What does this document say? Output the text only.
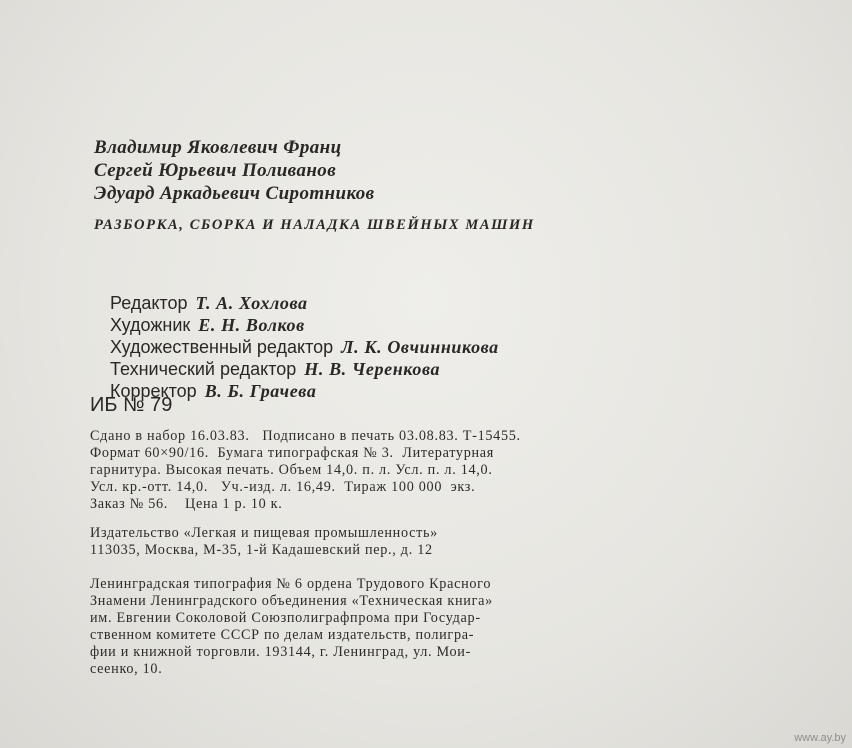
Владимир Яковлевич Франц
Сергей Юрьевич Поливанов
Эдуард Аркадьевич Сиротников
РАЗБОРКА, СБОРКА И НАЛАДКА ШВЕЙНЫХ МАШИН

Редактор Т. А. Хохлова

Художник Е. Н. Волков

Художественный редактор Л. К. Овчинникова

Технический редактор Н. В. Черенкова

Корректор В. Б. Грачева

ИБ № 79
Сдано в набор 16.03.83.   Подписано в печать 03.08.83. Т-15455.
Формат 60×90/16.  Бумага типографская № 3.  Литературная
гарнитура. Высокая печать. Объем 14,0. п. л. Усл. п. л. 14,0.
Усл. кр.-отт. 14,0.   Уч.-изд. л. 16,49.  Тираж 100 000  экз.
Заказ № 56.    Цена 1 р. 10 к.
Издательство «Легкая и пищевая промышленность»
113035, Москва, М-35, 1-й Кадашевский пер., д. 12
Ленинградская типография № 6 ордена Трудового Красного
Знамени Ленинградского объединения «Техническая книга»
им. Евгении Соколовой Союзполиграфпрома при Государ-
ственном комитете СССР по делам издательств, полигра-
фии и книжной торговли. 193144, г. Ленинград, ул. Мои-
сеенко, 10.
www.ay.by
